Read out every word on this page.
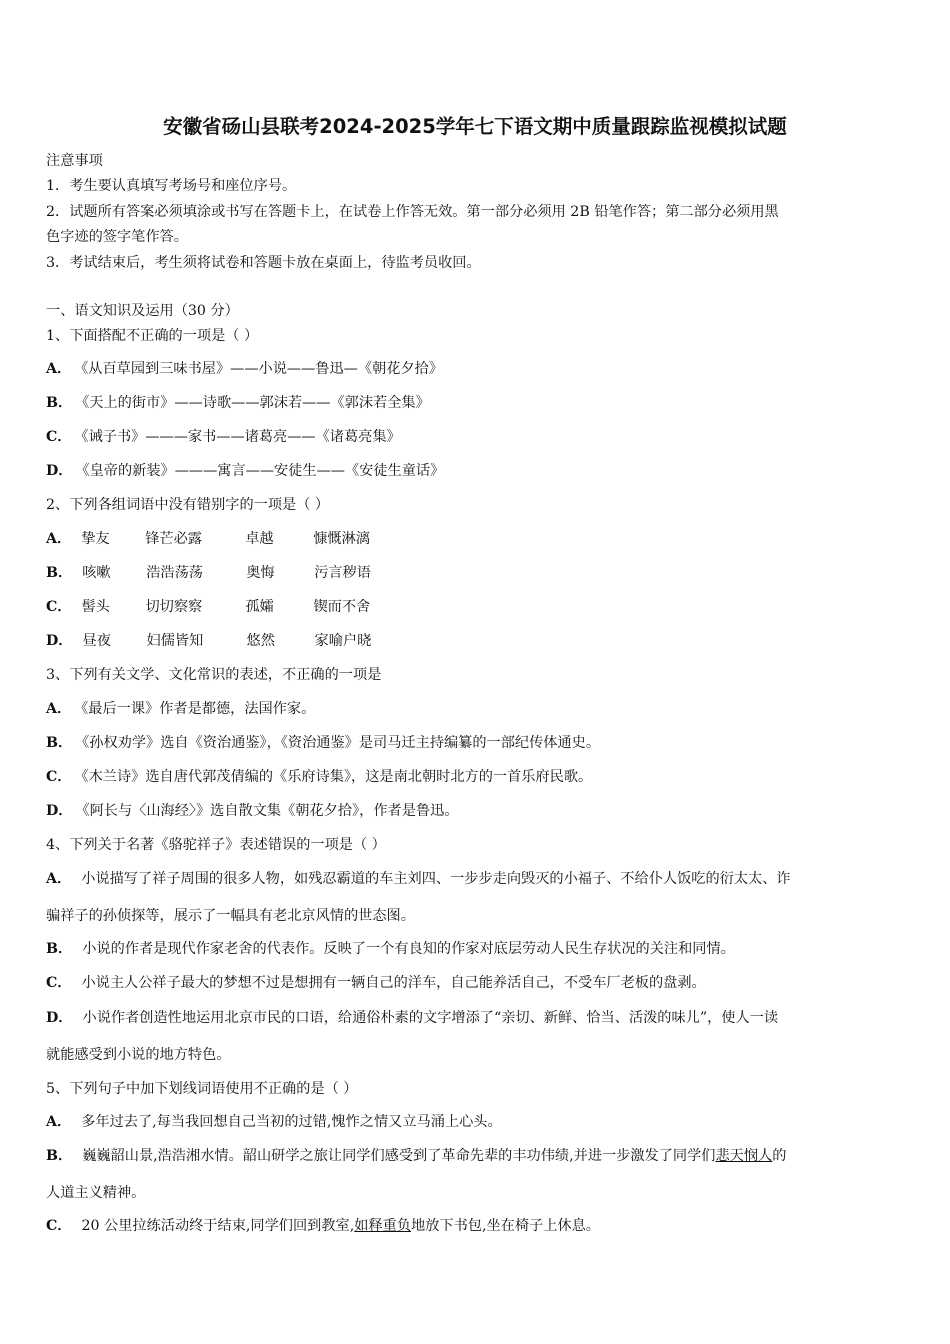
安徽省砀山县联考2024-2025学年七下语文期中质量跟踪监视模拟试题
注意事项
1．考生要认真填写考场号和座位序号。
2．试题所有答案必须填涂或书写在答题卡上，在试卷上作答无效。第一部分必须用 2B 铅笔作答；第二部分必须用黑
色字迹的签字笔作答。
3．考试结束后，考生须将试卷和答题卡放在桌面上，待监考员收回。
一、语文知识及运用（30 分）
1、下面搭配不正确的一项是（ ）
A． 《从百草园到三味书屋》——小说——鲁迅—《朝花夕拾》
B． 《天上的街市》——诗歌——郭沫若——《郭沫若全集》
C． 《诫子书》———家书——诸葛亮——《诸葛亮集》
D． 《皇帝的新装》———寓言——安徒生——《安徒生童话》
2、下列各组词语中没有错别字的一项是（ ）
A． 挚友	锋芒必露	卓越	慷慨淋漓
B． 咳嗽	浩浩荡荡	奥悔	污言秽语
C． 髻头	切切察察	孤孀	锲而不舍
D． 昼夜	妇儒皆知	悠然	家喻户晓
3、下列有关文学、文化常识的表述，不正确的一项是
A． 《最后一课》作者是都德，法国作家。
B． 《孙权劝学》选自《资治通鉴》，《资治通鉴》是司马迁主持编纂的一部纪传体通史。
C． 《木兰诗》选自唐代郭茂倩编的《乐府诗集》，这是南北朝时北方的一首乐府民歌。
D． 《阿长与〈山海经〉》选自散文集《朝花夕拾》，作者是鲁迅。
4、下列关于名著《骆驼祥子》表述错误的一项是（ ）
A． 小说描写了祥子周围的很多人物，如残忍霸道的车主刘四、一步步走向毁灭的小福子、不给仆人饭吃的衍太太、诈
骗祥子的孙侦探等，展示了一幅具有老北京风情的世态图。
B． 小说的作者是现代作家老舍的代表作。反映了一个有良知的作家对底层劳动人民生存状况的关注和同情。
C． 小说主人公祥子最大的梦想不过是想拥有一辆自己的洋车，自己能养活自己，不受车厂老板的盘剥。
D． 小说作者创造性地运用北京市民的口语，给通俗朴素的文字增添了“亲切、新鲜、恰当、活泼的味儿”，使人一读
就能感受到小说的地方特色。
5、下列句子中加下划线词语使用不正确的是（ ）
A． 多年过去了,每当我回想自己当初的过错,愧怍之情又立马涌上心头。
B． 巍巍韶山景,浩浩湘水情。韶山研学之旅让同学们感受到了革命先辈的丰功伟绩,并进一步激发了同学们悲天悯人的
人道主义精神。
C． 20 公里拉练活动终于结束,同学们回到教室,如释重负地放下书包,坐在椅子上休息。
